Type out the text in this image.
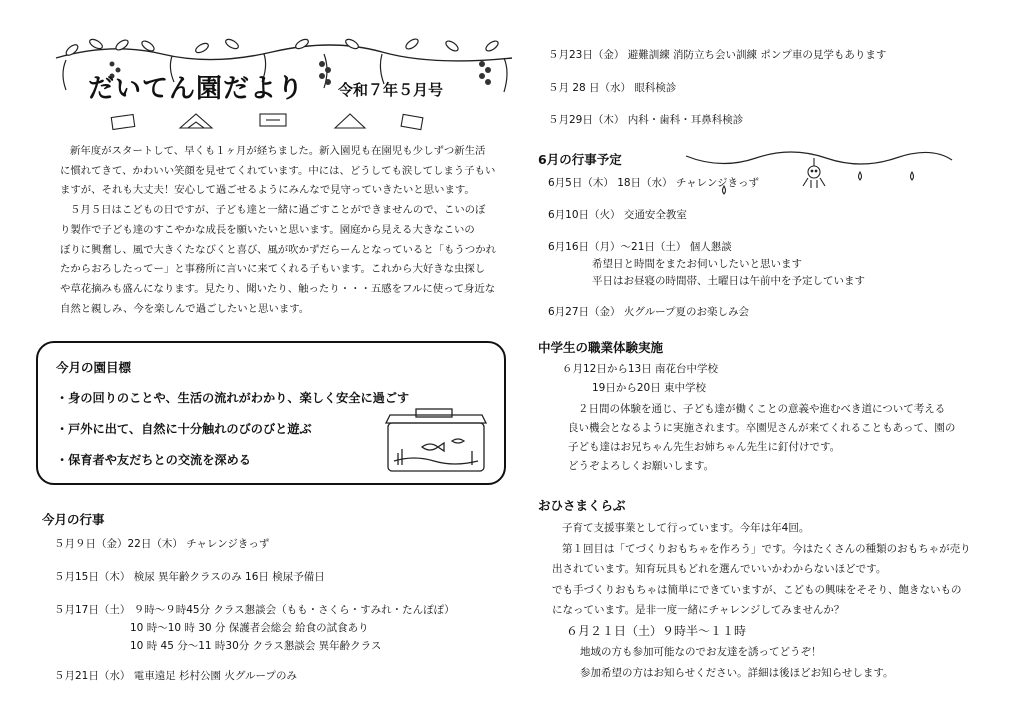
だいてん園だより 令和７年５月号
新年度がスタートして、早くも１ヶ月が経ちました。新入園児も在園児も少しずつ新生活
に慣れてきて、かわいい笑顔を見せてくれています。中には、どうしても涙してしまう子もい
ますが、それも大丈夫！安心して過ごせるようにみんなで見守っていきたいと思います。
５月５日はこどもの日ですが、子ども達と一緒に過ごすことができませんので、こいのぼ
り製作で子ども達のすこやかな成長を願いたいと思います。園庭から見える大きなこいの
ぼりに興奮し、風で大きくたなびくと喜び、風が吹かずだらーんとなっていると「もうつかれ
たからおろしたってー」と事務所に言いに来てくれる子もいます。これから大好きな虫探し
や草花摘みも盛んになります。見たり、聞いたり、触ったり・・・五感をフルに使って身近な
自然と親しみ、今を楽しんで過ごしたいと思います。
今月の園目標
・身の回りのことや、生活の流れがわかり、楽しく安全に過ごす
・戸外に出て、自然に十分触れのびのびと遊ぶ
・保育者や友だちとの交流を深める
今月の行事
５月９日（金）22日（木） チャレンジきっず
５月15日（木） 検尿 異年齢クラスのみ 16日 検尿予備日
５月17日（土） ９時～９時45分 クラス懇談会（もも・さくら・すみれ・たんぽぽ）
10 時～10 時 30 分 保護者会総会 給食の試食あり
10 時 45 分～11 時30分 クラス懇談会 異年齢クラス
５月21日（水） 電車遠足 杉村公園 火グループのみ
５月23日（金） 避難訓練 消防立ち会い訓練 ポンプ車の見学もあります
５月 28 日（水） 眼科検診
５月29日（木） 内科・歯科・耳鼻科検診
6月の行事予定
6月5日（木） 18日（水） チャレンジきっず
6月10日（火） 交通安全教室
6月16日（月）～21日（土） 個人懇談
希望日と時間をまたお伺いしたいと思います
平日はお昼寝の時間帯、土曜日は午前中を予定しています
6月27日（金） 火グループ夏のお楽しみ会
中学生の職業体験実施
６月12日から13日 南花台中学校
19日から20日 東中学校
２日間の体験を通じ、子ども達が働くことの意義や進むべき道について考える
良い機会となるように実施されます。卒園児さんが来てくれることもあって、園の
子ども達はお兄ちゃん先生お姉ちゃん先生に釘付けです。
どうぞよろしくお願いします。
おひさまくらぶ
子育て支援事業として行っています。今年は年4回。
第１回目は「てづくりおもちゃを作ろう」です。今はたくさんの種類のおもちゃが売り
出されています。知育玩具もどれを選んでいいかわからないほどです。
でも手づくりおもちゃは簡単にできていますが、こどもの興味をそそり、飽きないもの
になっています。是非一度一緒にチャレンジしてみませんか？
６月２１日（土）９時半～１１時
地域の方も参加可能なのでお友達を誘ってどうぞ！
参加希望の方はお知らせください。詳細は後ほどお知らせします。
